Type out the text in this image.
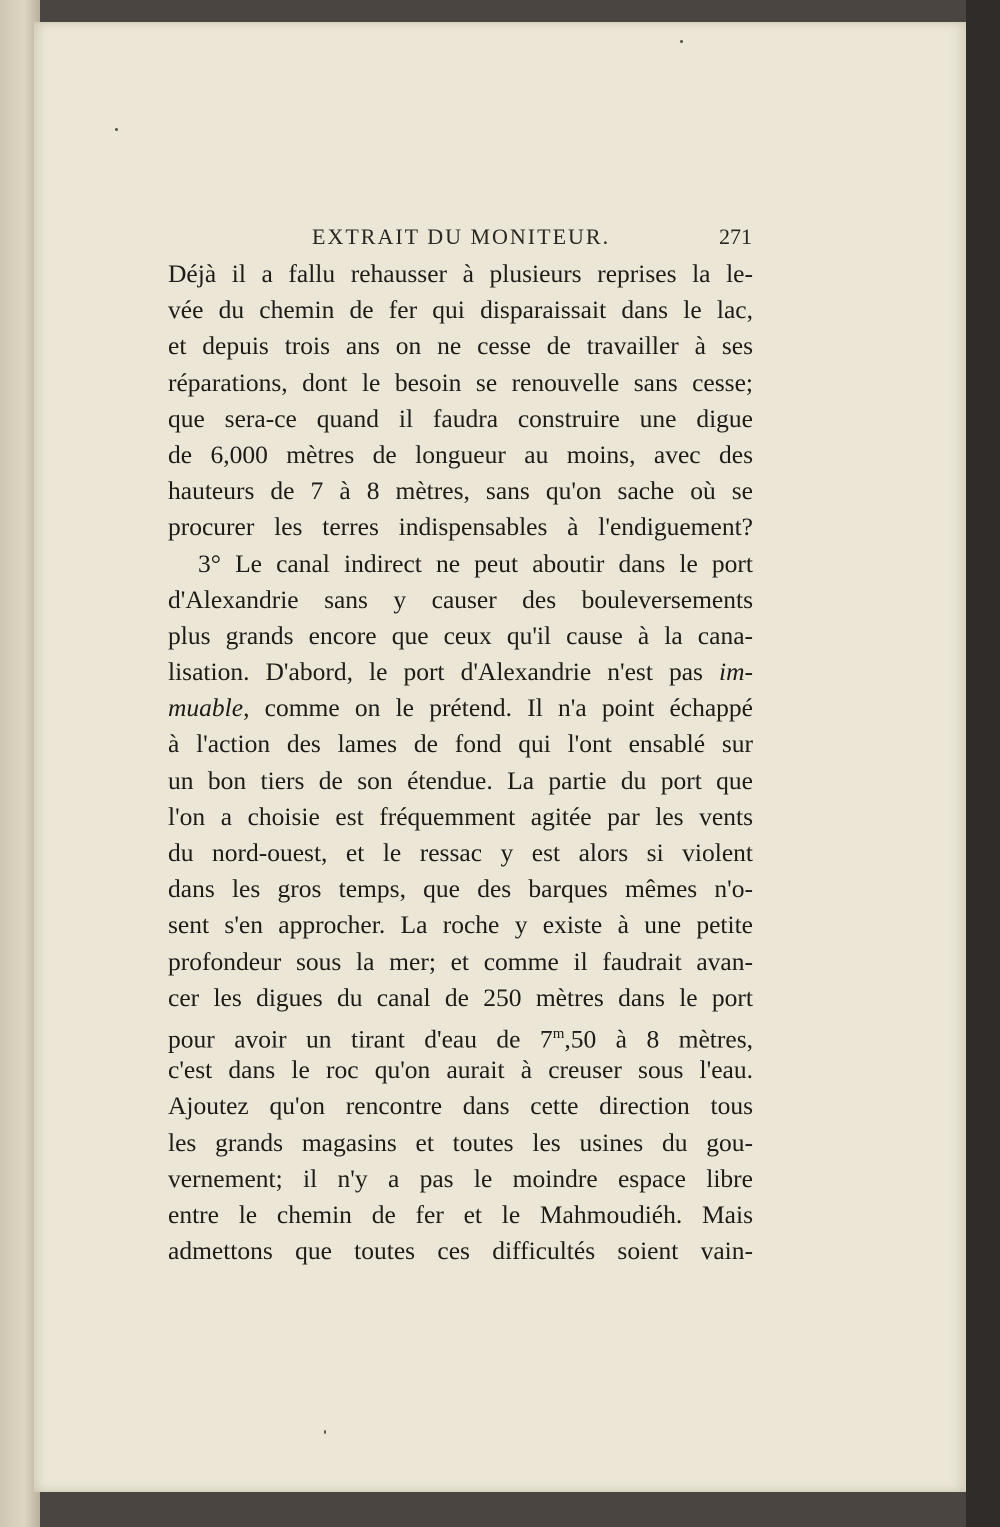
EXTRAIT DU MONITEUR.	271
Déjà il a fallu rehausser à plusieurs reprises la le-
vée du chemin de fer qui disparaissait dans le lac,
et depuis trois ans on ne cesse de travailler à ses
réparations, dont le besoin se renouvelle sans cesse;
que sera-ce quand il faudra construire une digue
de 6,000 mètres de longueur au moins, avec des
hauteurs de 7 à 8 mètres, sans qu'on sache où se
procurer les terres indispensables à l'endiguement?
3° Le canal indirect ne peut aboutir dans le port
d'Alexandrie sans y causer des bouleversements
plus grands encore que ceux qu'il cause à la cana-
lisation. D'abord, le port d'Alexandrie n'est pas im-
muable, comme on le prétend. Il n'a point échappé
à l'action des lames de fond qui l'ont ensablé sur
un bon tiers de son étendue. La partie du port que
l'on a choisie est fréquemment agitée par les vents
du nord-ouest, et le ressac y est alors si violent
dans les gros temps, que des barques mêmes n'o-
sent s'en approcher. La roche y existe à une petite
profondeur sous la mer; et comme il faudrait avan-
cer les digues du canal de 250 mètres dans le port
pour avoir un tirant d'eau de 7$^m$,50 à 8 mètres,
c'est dans le roc qu'on aurait à creuser sous l'eau.
Ajoutez qu'on rencontre dans cette direction tous
les grands magasins et toutes les usines du gou-
vernement; il n'y a pas le moindre espace libre
entre le chemin de fer et le Mahmoudiéh. Mais
admettons que toutes ces difficultés soient vain-
